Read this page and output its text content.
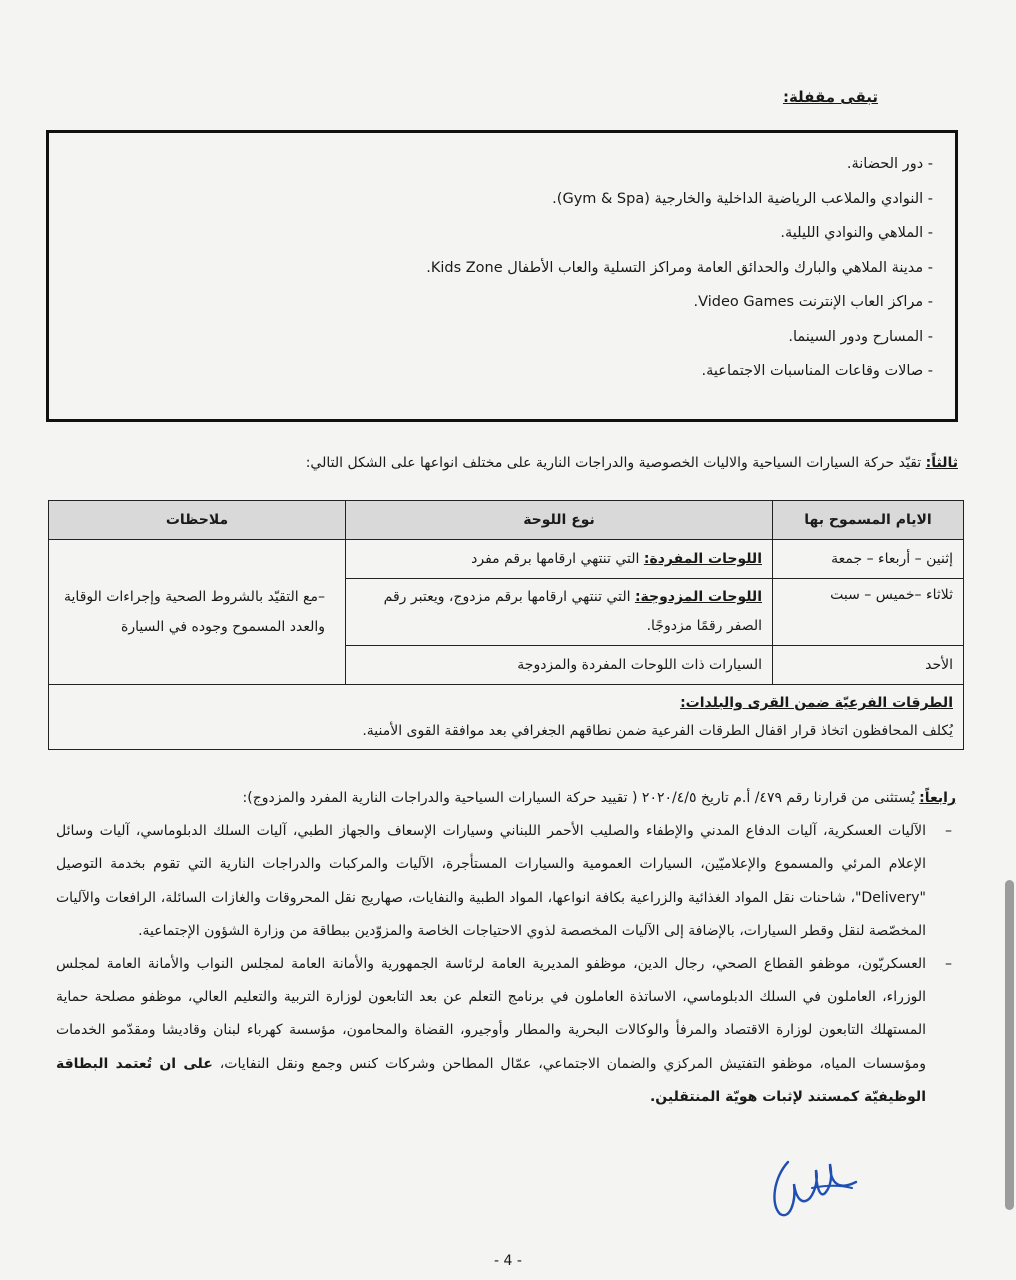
تبقى مقفلة:
- دور الحضانة.
- النوادي والملاعب الرياضية الداخلية والخارجية (Gym & Spa).
- الملاهي والنوادي الليلية.
- مدينة الملاهي والبارك والحدائق العامة ومراكز التسلية والعاب الأطفال Kids Zone.
- مراكز العاب الإنترنت Video Games.
- المسارح ودور السينما.
- صالات وقاعات المناسبات الاجتماعية.
ثالثاً: تقيّد حركة السيارات السياحية والاليات الخصوصية والدراجات النارية على مختلف انواعها على الشكل التالي:
الايام المسموح بها	نوع اللوحة	ملاحظات
إثنين – أربعاء – جمعة	اللوحات المفردة: التي تنتهي ارقامها برقم مفرد	–مع التقيّد بالشروط الصحية وإجراءات الوقاية والعدد المسموح وجوده في السيارة
ثلاثاء –خميس – سبت	اللوحات المزدوجة: التي تنتهي ارقامها برقم مزدوج، ويعتبر رقم الصفر رقمًا مزدوجًا.	
الأحد	السيارات ذات اللوحات المفردة والمزدوجة	

الطرقات الفرعيّة ضمن القرى والبلدات:
يُكلف المحافظون اتخاذ قرار اقفال الطرقات الفرعية ضمن نطاقهم الجغرافي بعد موافقة القوى الأمنية.		
رابعاً: يُستثنى من قرارنا رقم ٤٧٩/ أ.م تاريخ ٢٠٢٠/٤/٥ ( تقييد حركة السيارات السياحية والدراجات النارية المفرد والمزدوج):
–
الآليات العسكرية، آليات الدفاع المدني والإطفاء والصليب الأحمر اللبناني وسيارات الإسعاف والجهاز الطبي، آليات السلك الدبلوماسي، آليات وسائل الإعلام المرئي والمسموع والإعلاميّين، السيارات العمومية والسيارات المستأجرة، الآليات والمركبات والدراجات النارية التي تقوم بخدمة التوصيل "Delivery"، شاحنات نقل المواد الغذائية والزراعية بكافة انواعها، المواد الطبية والنفايات، صهاريج نقل المحروقات والغازات السائلة، الرافعات والآليات المخصّصة لنقل وقطر السيارات، بالإضافة إلى الآليات المخصصة لذوي الاحتياجات الخاصة والمزوّدين ببطاقة من وزارة الشؤون الإجتماعية.
–
العسكريّون، موظفو القطاع الصحي، رجال الدين، موظفو المديرية العامة لرئاسة الجمهورية والأمانة العامة لمجلس النواب والأمانة العامة لمجلس الوزراء، العاملون في السلك الدبلوماسي، الاساتذة العاملون في برنامج التعلم عن بعد التابعون لوزارة التربية والتعليم العالي، موظفو مصلحة حماية المستهلك التابعون لوزارة الاقتصاد والمرفأ والوكالات البحرية والمطار وأوجيرو، القضاة والمحامون، مؤسسة كهرباء لبنان وقاديشا ومقدّمو الخدمات ومؤسسات المياه، موظفو التفتيش المركزي والضمان الاجتماعي، عمّال المطاحن وشركات كنس وجمع ونقل النفايات، على ان تُعتمد البطاقة الوظيفيّة كمستند لإثبات هويّة المنتقلين.
- 4 -
